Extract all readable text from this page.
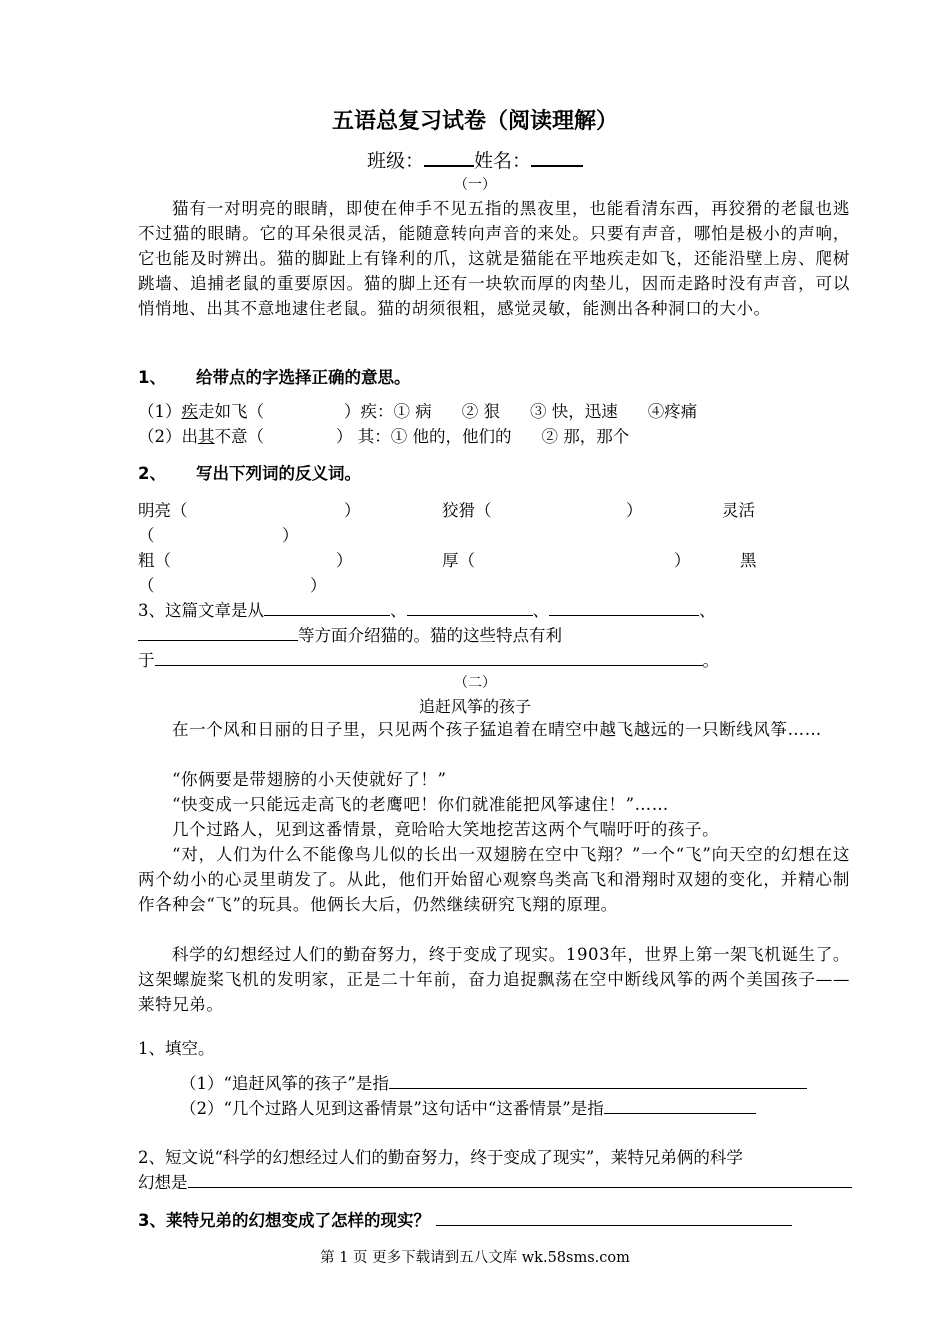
五语总复习试卷（阅读理解）
班级：	姓名：
（一）
猫有一对明亮的眼睛，即使在伸手不见五指的黑夜里，也能看清东西，再狡猾的老鼠也逃不过猫的眼睛。它的耳朵很灵活，能随意转向声音的来处。只要有声音，哪怕是极小的声响，它也能及时辨出。猫的脚趾上有锋利的爪，这就是猫能在平地疾走如飞，还能沿壁上房、爬树跳墙、追捕老鼠的重要原因。猫的脚上还有一块软而厚的肉垫儿，因而走路时没有声音，可以悄悄地、出其不意地逮住老鼠。猫的胡须很粗，感觉灵敏，能测出各种洞口的大小。
1、 给带点的字选择正确的意思。
（1）疾走如飞（	）疾：① 病 ② 狠 ③ 快，迅速 ④疼痛
（2）出其不意（	） 其：① 他的，他们的 ② 那，那个
2、 写出下列词的反义词。
明亮（	）	狡猾（	）	灵活
（	）
粗（	）	厚（	）	黑
（	）
3、这篇文章是从	、	、	、
等方面介绍猫的。猫的这些特点有利
于	。
（二）
追赶风筝的孩子
在一个风和日丽的日子里，只见两个孩子猛追着在晴空中越飞越远的一只断线风筝……
“你俩要是带翅膀的小天使就好了！”
“快变成一只能远走高飞的老鹰吧！你们就准能把风筝逮住！”……
几个过路人，见到这番情景，竟哈哈大笑地挖苦这两个气喘吁吁的孩子。
“对，人们为什么不能像鸟儿似的长出一双翅膀在空中飞翔？”一个“飞”向天空的幻想在这两个幼小的心灵里萌发了。从此，他们开始留心观察鸟类高飞和滑翔时双翅的变化，并精心制作各种会“飞”的玩具。他俩长大后，仍然继续研究飞翔的原理。
科学的幻想经过人们的勤奋努力，终于变成了现实。1903年，世界上第一架飞机诞生了。这架螺旋桨飞机的发明家，正是二十年前，奋力追捉飘荡在空中断线风筝的两个美国孩子——莱特兄弟。
1、填空。
（1）“追赶风筝的孩子”是指
（2）“几个过路人见到这番情景”这句话中“这番情景”是指
2、短文说“科学的幻想经过人们的勤奋努力，终于变成了现实”，莱特兄弟俩的科学
幻想是
3、莱特兄弟的幻想变成了怎样的现实？
第 1 页 更多下载请到五八文库 wk.58sms.com
